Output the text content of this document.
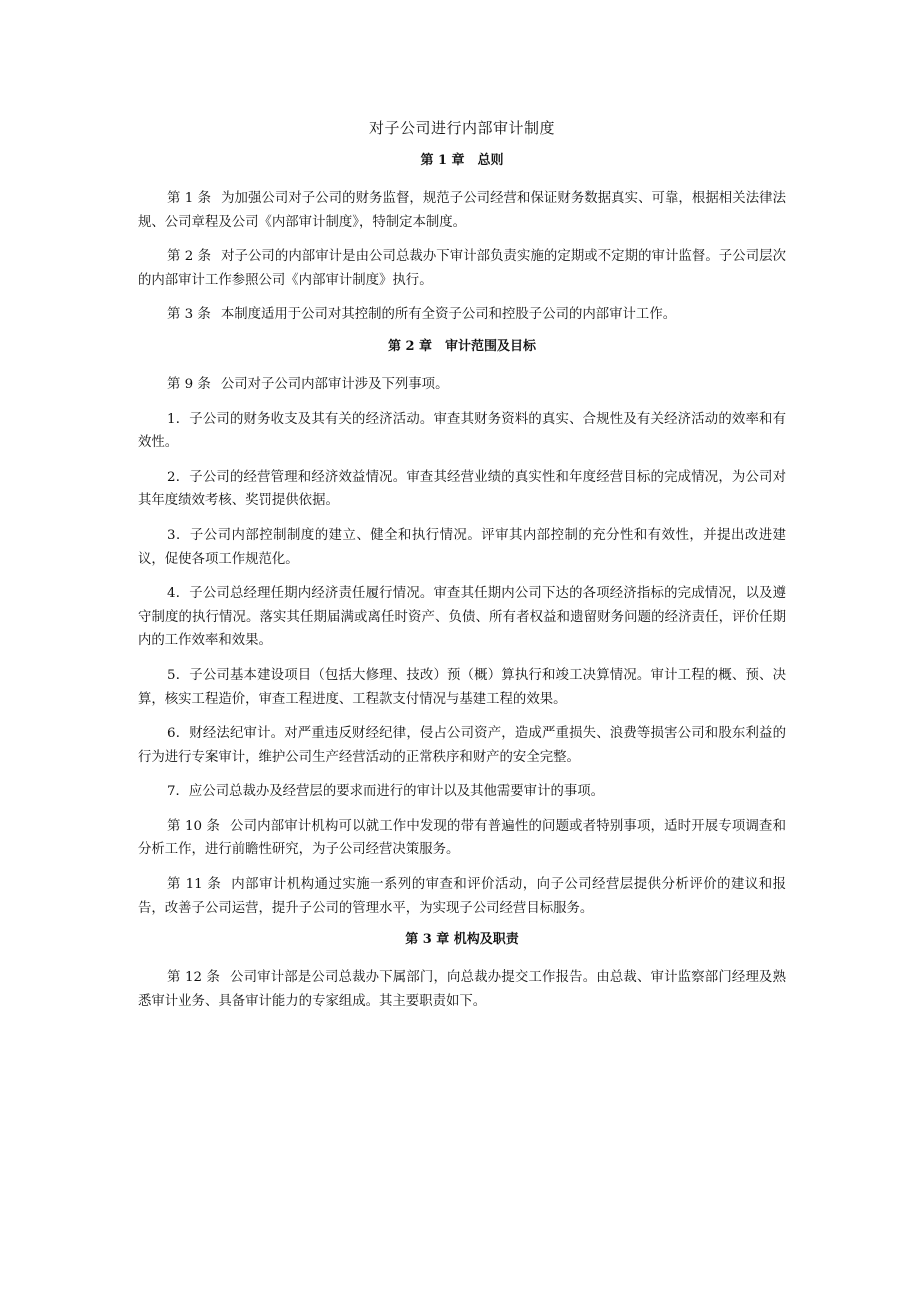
对子公司进行内部审计制度
第 1 章　总则

第 1 条 为加强公司对子公司的财务监督，规范子公司经营和保证财务数据真实、可靠，根据相关法律法规、公司章程及公司《内部审计制度》，特制定本制度。

第 2 条 对子公司的内部审计是由公司总裁办下审计部负责实施的定期或不定期的审计监督。子公司层次的内部审计工作参照公司《内部审计制度》执行。

第 3 条 本制度适用于公司对其控制的所有全资子公司和控股子公司的内部审计工作。

第 2 章　审计范围及目标

第 9 条 公司对子公司内部审计涉及下列事项。

1．子公司的财务收支及其有关的经济活动。审查其财务资料的真实、合规性及有关经济活动的效率和有效性。

2．子公司的经营管理和经济效益情况。审查其经营业绩的真实性和年度经营目标的完成情况，为公司对其年度绩效考核、奖罚提供依据。

3．子公司内部控制制度的建立、健全和执行情况。评审其内部控制的充分性和有效性，并提出改进建议，促使各项工作规范化。

4．子公司总经理任期内经济责任履行情况。审查其任期内公司下达的各项经济指标的完成情况，以及遵守制度的执行情况。落实其任期届满或离任时资产、负债、所有者权益和遗留财务问题的经济责任，评价任期内的工作效率和效果。

5．子公司基本建设项目（包括大修理、技改）预（概）算执行和竣工决算情况。审计工程的概、预、决算，核实工程造价，审查工程进度、工程款支付情况与基建工程的效果。

6．财经法纪审计。对严重违反财经纪律，侵占公司资产，造成严重损失、浪费等损害公司和股东利益的行为进行专案审计，维护公司生产经营活动的正常秩序和财产的安全完整。

7．应公司总裁办及经营层的要求而进行的审计以及其他需要审计的事项。

第 10 条 公司内部审计机构可以就工作中发现的带有普遍性的问题或者特别事项，适时开展专项调查和分析工作，进行前瞻性研究，为子公司经营决策服务。

第 11 条 内部审计机构通过实施一系列的审查和评价活动，向子公司经营层提供分析评价的建议和报告，改善子公司运营，提升子公司的管理水平，为实现子公司经营目标服务。

第 3 章 机构及职责

第 12 条 公司审计部是公司总裁办下属部门，向总裁办提交工作报告。由总裁、审计监察部门经理及熟悉审计业务、具备审计能力的专家组成。其主要职责如下。
